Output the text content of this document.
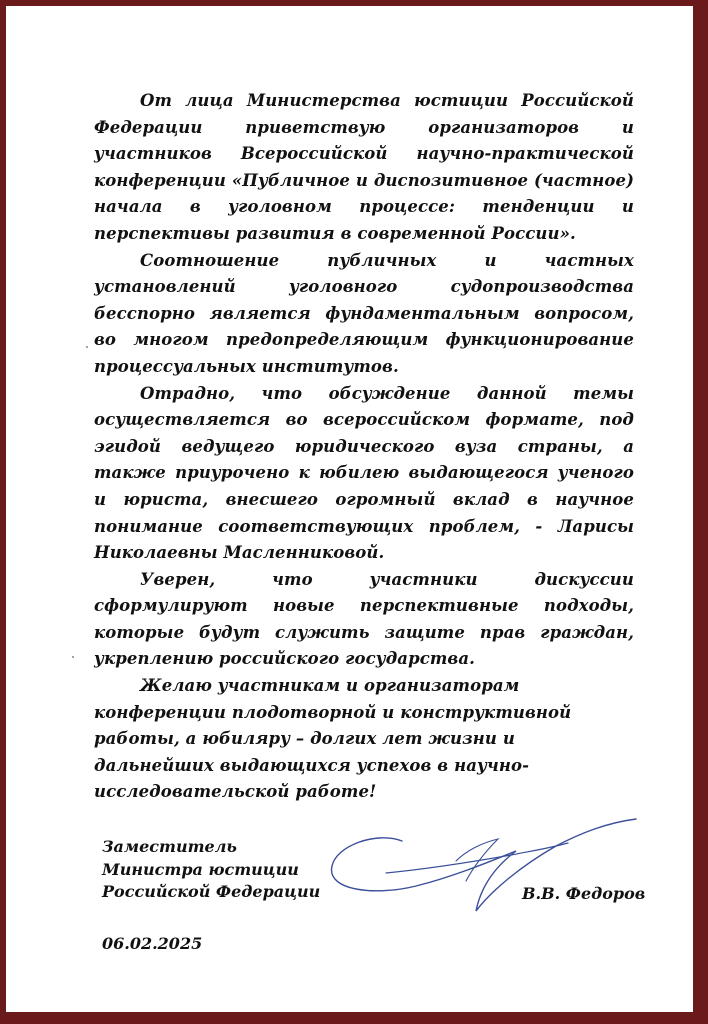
От лица Министерства юстиции Российской Федерации приветствую организаторов и участников Всероссийской научно-практической конференции «Публичное и диспозитивное (частное) начала в уголовном процессе: тенденции и перспективы развития в современной России».

Соотношение публичных и частных установлений уголовного судопроизводства бесспорно является фундаментальным вопросом, во многом предопределяющим функционирование процессуальных институтов.

Отрадно, что обсуждение данной темы осуществляется во всероссийском формате, под эгидой ведущего юридического вуза страны, а также приурочено к юбилею выдающегося ученого и юриста, внесшего огромный вклад в научное понимание соответствующих проблем, - Ларисы Николаевны Масленниковой.

Уверен, что участники дискуссии сформулируют новые перспективные подходы, которые будут служить защите прав граждан, укреплению российского государства.

Желаю участникам и организаторам конференции плодотворной и конструктивной работы, а юбиляру – долгих лет жизни и дальнейших выдающихся успехов в научно-исследовательской работе!

Заместитель
Министра юстиции
Российской Федерации	В.В. Федоров
06.02.2025
